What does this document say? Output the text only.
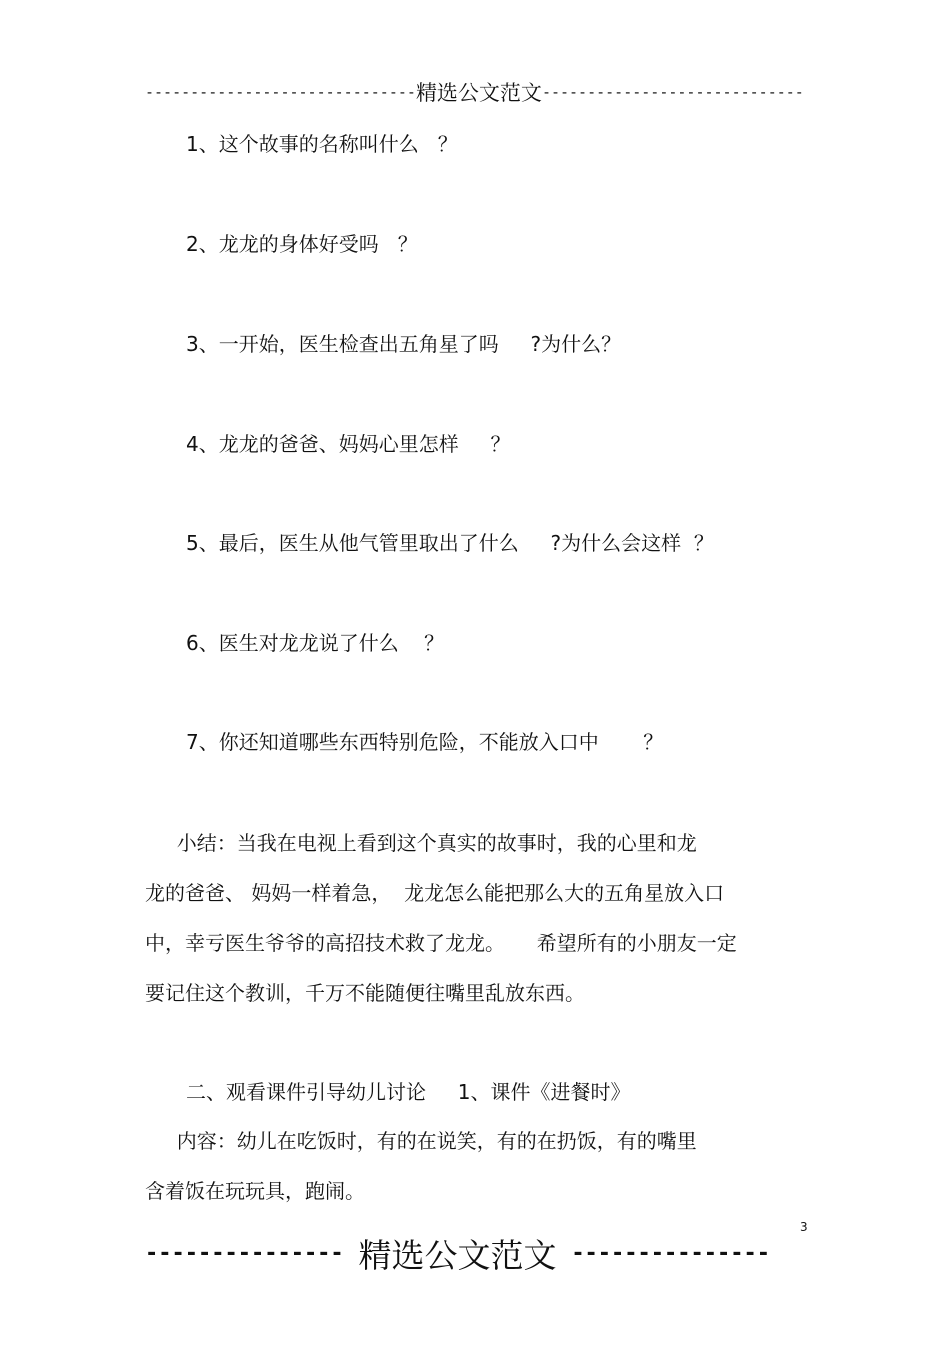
------------------------------ 精选公文范文 -----------------------------
1、这个故事的名称叫什么   ？
2、龙龙的身体好受吗   ？
3、一开始，医生检查出五角星了吗     ?为什么？
4、龙龙的爸爸、妈妈心里怎样     ？
5、最后，医生从他气管里取出了什么     ?为什么会这样  ？
6、医生对龙龙说了什么    ？
7、你还知道哪些东西特别危险，不能放入口中       ？
小结：当我在电视上看到这个真实的故事时，我的心里和龙
龙的爸爸、 妈妈一样着急，  龙龙怎么能把那么大的五角星放入口
中，幸亏医生爷爷的高招技术救了龙龙。     希望所有的小朋友一定
要记住这个教训，千万不能随便往嘴里乱放东西。
二、观看课件引导幼儿讨论     1、课件《进餐时》
内容：幼儿在吃饭时，有的在说笑，有的在扔饭，有的嘴里
含着饭在玩玩具，跑闹。
3
--------------- 精选公文范文 ---------------
